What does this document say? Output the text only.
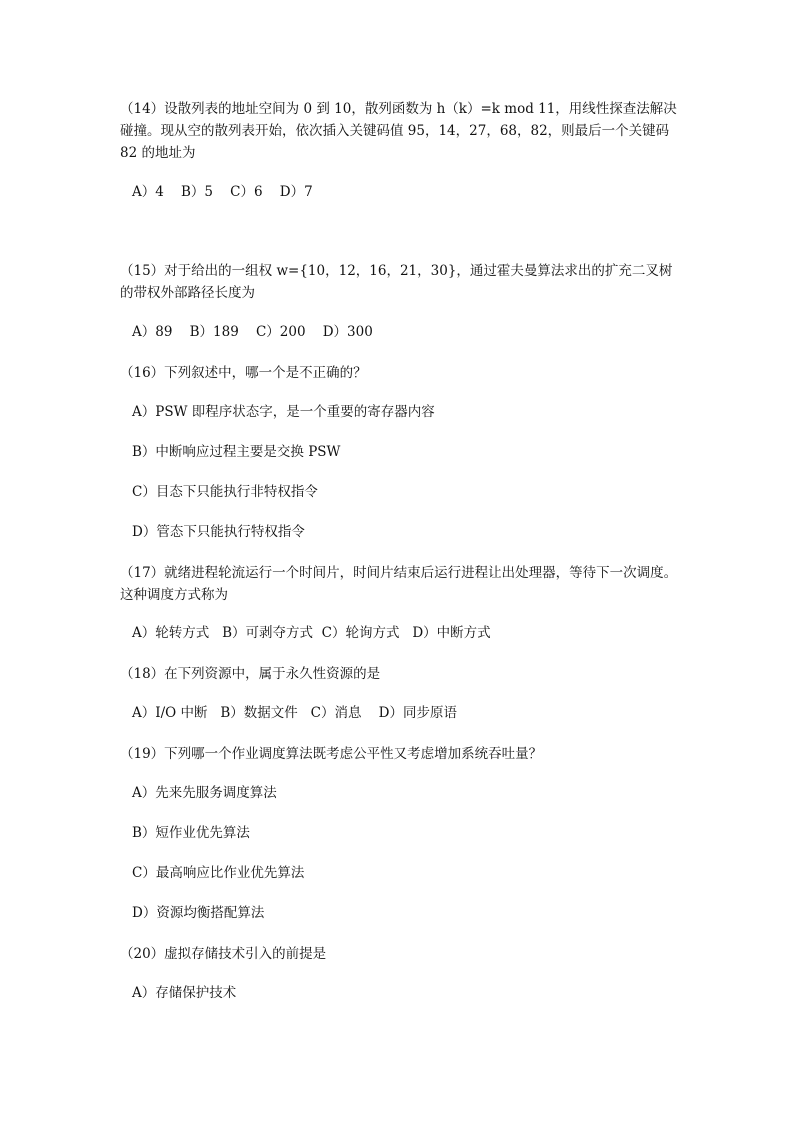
（14）设散列表的地址空间为 0 到 10，散列函数为 h（k）=k mod 11，用线性探查法解决碰撞。现从空的散列表开始，依次插入关键码值 95，14，27，68，82，则最后一个关键码 82 的地址为

A）4    B）5    C）6    D）7

（15）对于给出的一组权 w={10，12，16，21，30}，通过霍夫曼算法求出的扩充二叉树的带权外部路径长度为

A）89    B）189    C）200    D）300

（16）下列叙述中，哪一个是不正确的？

A）PSW 即程序状态字，是一个重要的寄存器内容

B）中断响应过程主要是交换 PSW

C）目态下只能执行非特权指令

D）管态下只能执行特权指令

（17）就绪进程轮流运行一个时间片，时间片结束后运行进程让出处理器，等待下一次调度。这种调度方式称为

A）轮转方式   B）可剥夺方式  C）轮询方式   D）中断方式

（18）在下列资源中，属于永久性资源的是

A）I/O 中断   B）数据文件   C）消息    D）同步原语

（19）下列哪一个作业调度算法既考虑公平性又考虑增加系统吞吐量？

A）先来先服务调度算法

B）短作业优先算法

C）最高响应比作业优先算法

D）资源均衡搭配算法

（20）虚拟存储技术引入的前提是

A）存储保护技术
